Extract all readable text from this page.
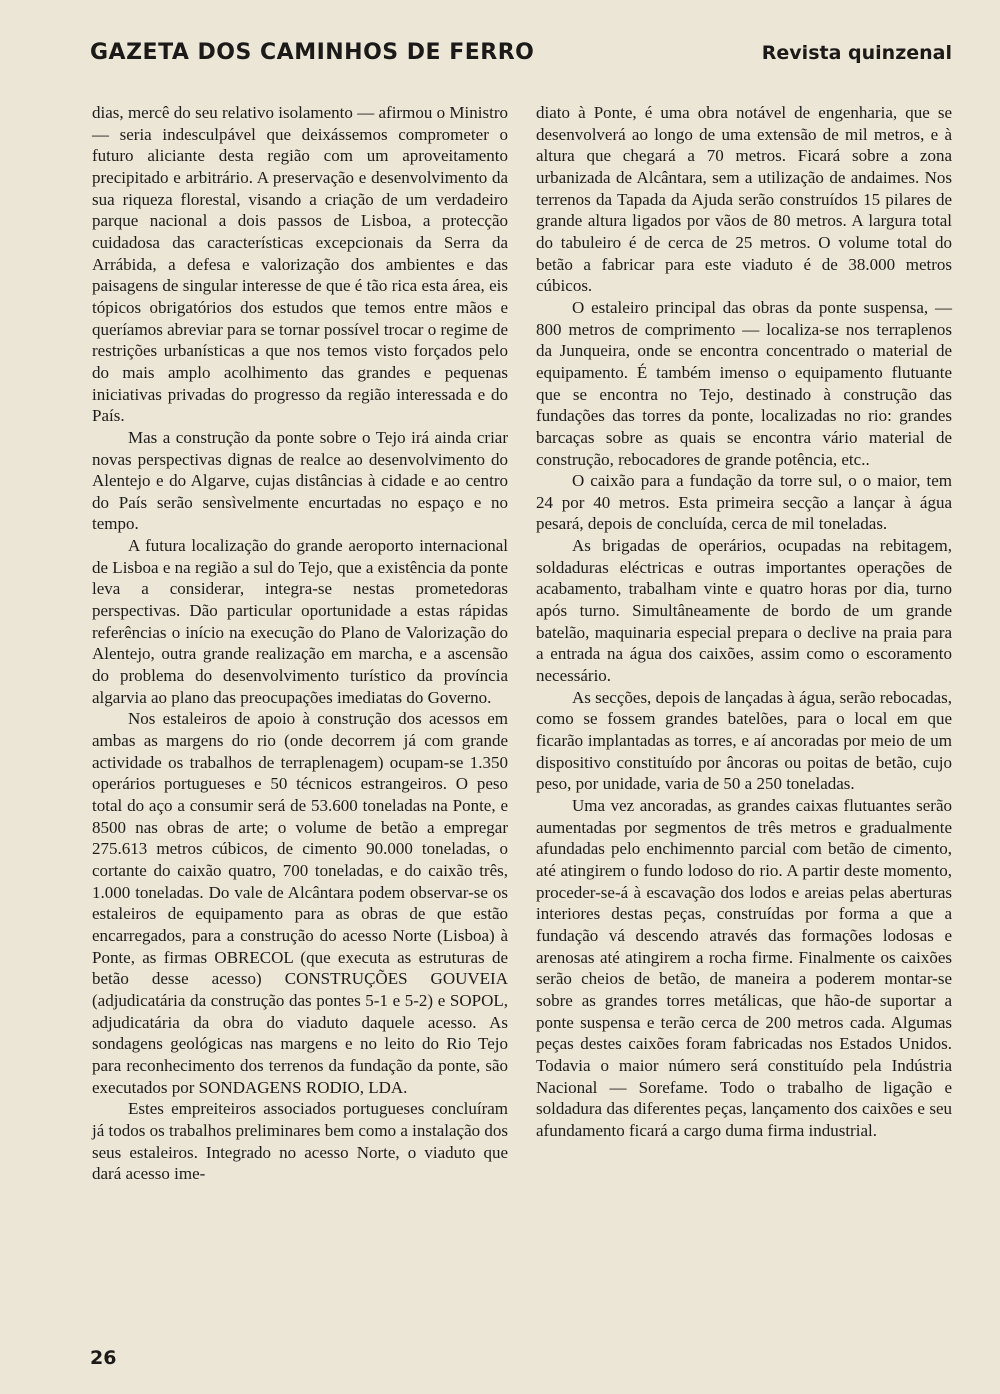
GAZETA DOS CAMINHOS DE FERRO	Revista quinzenal

dias, mercê do seu relativo isolamento — afirmou o Ministro — seria indesculpável que deixássemos comprometer o futuro aliciante desta região com um aproveitamento precipitado e arbitrário. A preservação e desenvolvimento da sua riqueza florestal, visando a criação de um verdadeiro parque nacional a dois passos de Lisboa, a protecção cuidadosa das características excepcionais da Serra da Arrábida, a defesa e valorização dos ambientes e das paisagens de singular interesse de que é tão rica esta área, eis tópicos obrigatórios dos estudos que temos entre mãos e queríamos abreviar para se tornar possível trocar o regime de restrições urbanísticas a que nos temos visto forçados pelo do mais amplo acolhimento das grandes e pequenas iniciativas privadas do progresso da região interessada e do País.

Mas a construção da ponte sobre o Tejo irá ainda criar novas perspectivas dignas de realce ao desenvolvimento do Alentejo e do Algarve, cujas distâncias à cidade e ao centro do País serão sensìvelmente encurtadas no espaço e no tempo.

A futura localização do grande aeroporto internacional de Lisboa e na região a sul do Tejo, que a existência da ponte leva a considerar, integra-se nestas prometedoras perspectivas. Dão particular oportunidade a estas rápidas referências o início na execução do Plano de Valorização do Alentejo, outra grande realização em marcha, e a ascensão do problema do desenvolvimento turístico da província algarvia ao plano das preocupações imediatas do Governo.

Nos estaleiros de apoio à construção dos acessos em ambas as margens do rio (onde decorrem já com grande actividade os trabalhos de terraplenagem) ocupam-se 1.350 operários portugueses e 50 técnicos estrangeiros. O peso total do aço a consumir será de 53.600 toneladas na Ponte, e 8500 nas obras de arte; o volume de betão a empregar 275.613 metros cúbicos, de cimento 90.000 toneladas, o cortante do caixão quatro, 700 toneladas, e do caixão três, 1.000 toneladas. Do vale de Alcântara podem observar-se os estaleiros de equipamento para as obras de que estão encarregados, para a construção do acesso Norte (Lisboa) à Ponte, as firmas OBRECOL (que executa as estruturas de betão desse acesso) CONSTRUÇÕES GOUVEIA (adjudicatária da construção das pontes 5-1 e 5-2) e SOPOL, adjudicatária da obra do viaduto daquele acesso. As sondagens geológicas nas margens e no leito do Rio Tejo para reconhecimento dos terrenos da fundação da ponte, são executados por SONDAGENS RODIO, LDA.

Estes empreiteiros associados portugueses concluíram já todos os trabalhos preliminares bem como a instalação dos seus estaleiros. Integrado no acesso Norte, o viaduto que dará acesso ime-

diato à Ponte, é uma obra notável de engenharia, que se desenvolverá ao longo de uma extensão de mil metros, e à altura que chegará a 70 metros. Ficará sobre a zona urbanizada de Alcântara, sem a utilização de andaimes. Nos terrenos da Tapada da Ajuda serão construídos 15 pilares de grande altura ligados por vãos de 80 metros. A largura total do tabuleiro é de cerca de 25 metros. O volume total do betão a fabricar para este viaduto é de 38.000 metros cúbicos.

O estaleiro principal das obras da ponte suspensa, — 800 metros de comprimento — localiza-se nos terraplenos da Junqueira, onde se encontra concentrado o material de equipamento. É também imenso o equipamento flutuante que se encontra no Tejo, destinado à construção das fundações das torres da ponte, localizadas no rio: grandes barcaças sobre as quais se encontra vário material de construção, rebocadores de grande potência, etc..

O caixão para a fundação da torre sul, o o maior, tem 24 por 40 metros. Esta primeira secção a lançar à água pesará, depois de concluída, cerca de mil toneladas.

As brigadas de operários, ocupadas na rebitagem, soldaduras eléctricas e outras importantes operações de acabamento, trabalham vinte e quatro horas por dia, turno após turno. Simultâneamente de bordo de um grande batelão, maquinaria especial prepara o declive na praia para a entrada na água dos caixões, assim como o escoramento necessário.

As secções, depois de lançadas à água, serão rebocadas, como se fossem grandes batelões, para o local em que ficarão implantadas as torres, e aí ancoradas por meio de um dispositivo constituído por âncoras ou poitas de betão, cujo peso, por unidade, varia de 50 a 250 toneladas.

Uma vez ancoradas, as grandes caixas flutuantes serão aumentadas por segmentos de três metros e gradualmente afundadas pelo enchimennto parcial com betão de cimento, até atingirem o fundo lodoso do rio. A partir deste momento, proceder-se-á à escavação dos lodos e areias pelas aberturas interiores destas peças, construídas por forma a que a fundação vá descendo através das formações lodosas e arenosas até atingirem a rocha firme. Finalmente os caixões serão cheios de betão, de maneira a poderem montar-se sobre as grandes torres metálicas, que hão-de suportar a ponte suspensa e terão cerca de 200 metros cada. Algumas peças destes caixões foram fabricadas nos Estados Unidos. Todavia o maior número será constituído pela Indústria Nacional — Sorefame. Todo o trabalho de ligação e soldadura das diferentes peças, lançamento dos caixões e seu afundamento ficará a cargo duma firma industrial.

26
